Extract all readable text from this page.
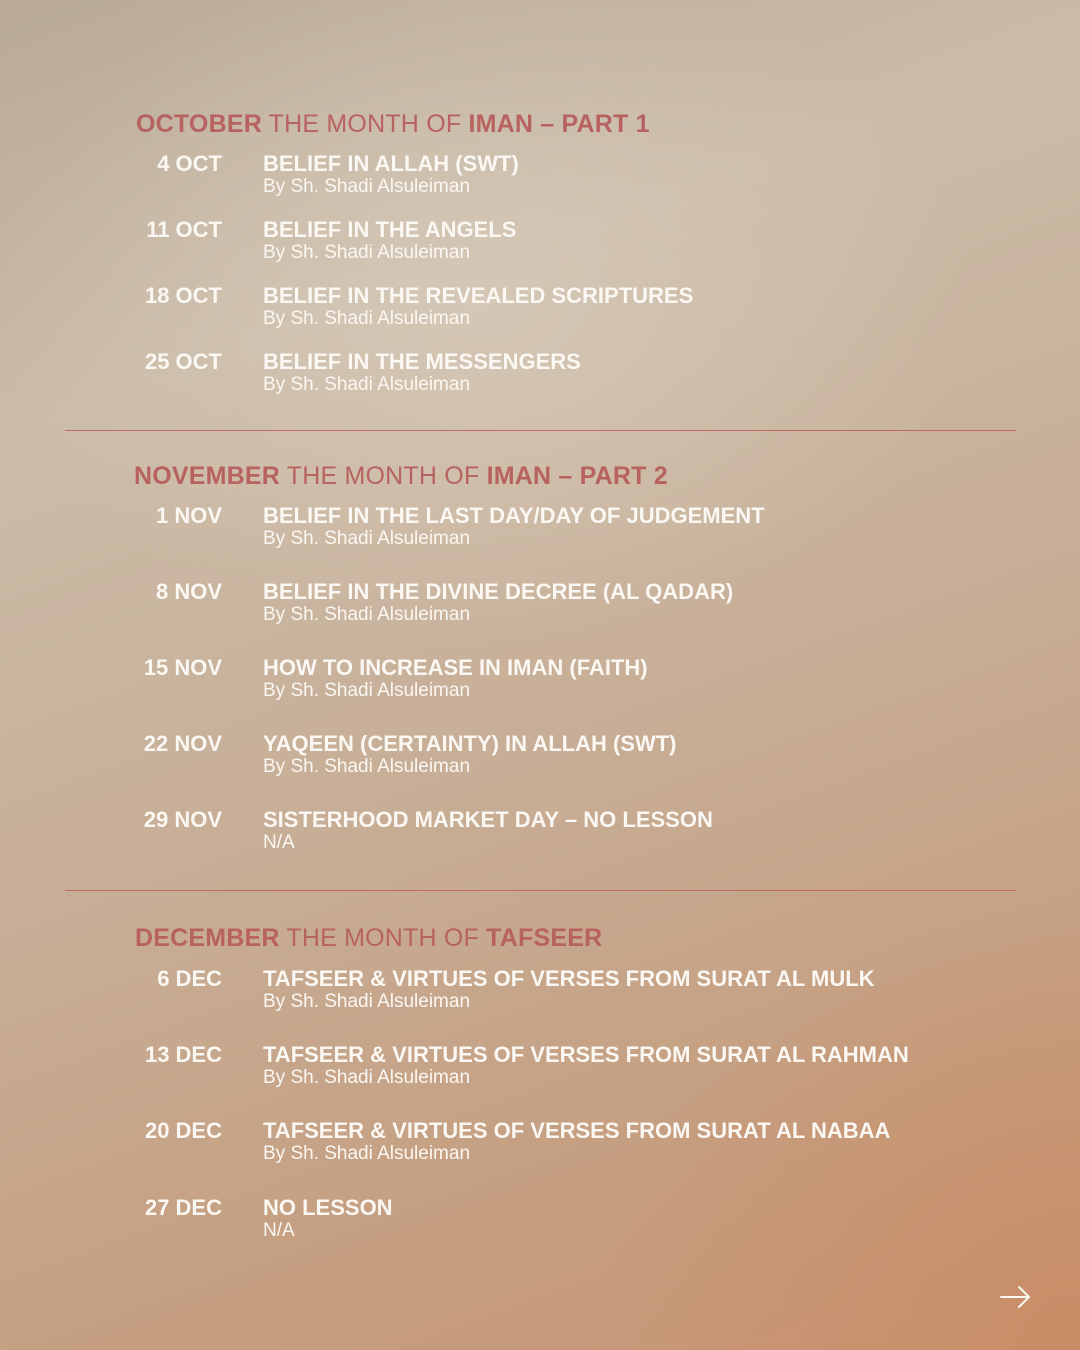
OCTOBER THE MONTH OF IMAN – PART 1
4 OCT BELIEF IN ALLAH (SWT)
By Sh. Shadi Alsuleiman
11 OCT BELIEF IN THE ANGELS
By Sh. Shadi Alsuleiman
18 OCT BELIEF IN THE REVEALED SCRIPTURES
By Sh. Shadi Alsuleiman
25 OCT BELIEF IN THE MESSENGERS
By Sh. Shadi Alsuleiman
NOVEMBER THE MONTH OF IMAN – PART 2
1 NOV BELIEF IN THE LAST DAY/DAY OF JUDGEMENT
By Sh. Shadi Alsuleiman
8 NOV BELIEF IN THE DIVINE DECREE (AL QADAR)
By Sh. Shadi Alsuleiman
15 NOV HOW TO INCREASE IN IMAN (FAITH)
By Sh. Shadi Alsuleiman
22 NOV YAQEEN (CERTAINTY) IN ALLAH (SWT)
By Sh. Shadi Alsuleiman
29 NOV SISTERHOOD MARKET DAY – NO LESSON
N/A
DECEMBER THE MONTH OF TAFSEER
6 DEC TAFSEER & VIRTUES OF VERSES FROM SURAT AL MULK
By Sh. Shadi Alsuleiman
13 DEC TAFSEER & VIRTUES OF VERSES FROM SURAT AL RAHMAN
By Sh. Shadi Alsuleiman
20 DEC TAFSEER & VIRTUES OF VERSES FROM SURAT AL NABAA
By Sh. Shadi Alsuleiman
27 DEC NO LESSON
N/A
